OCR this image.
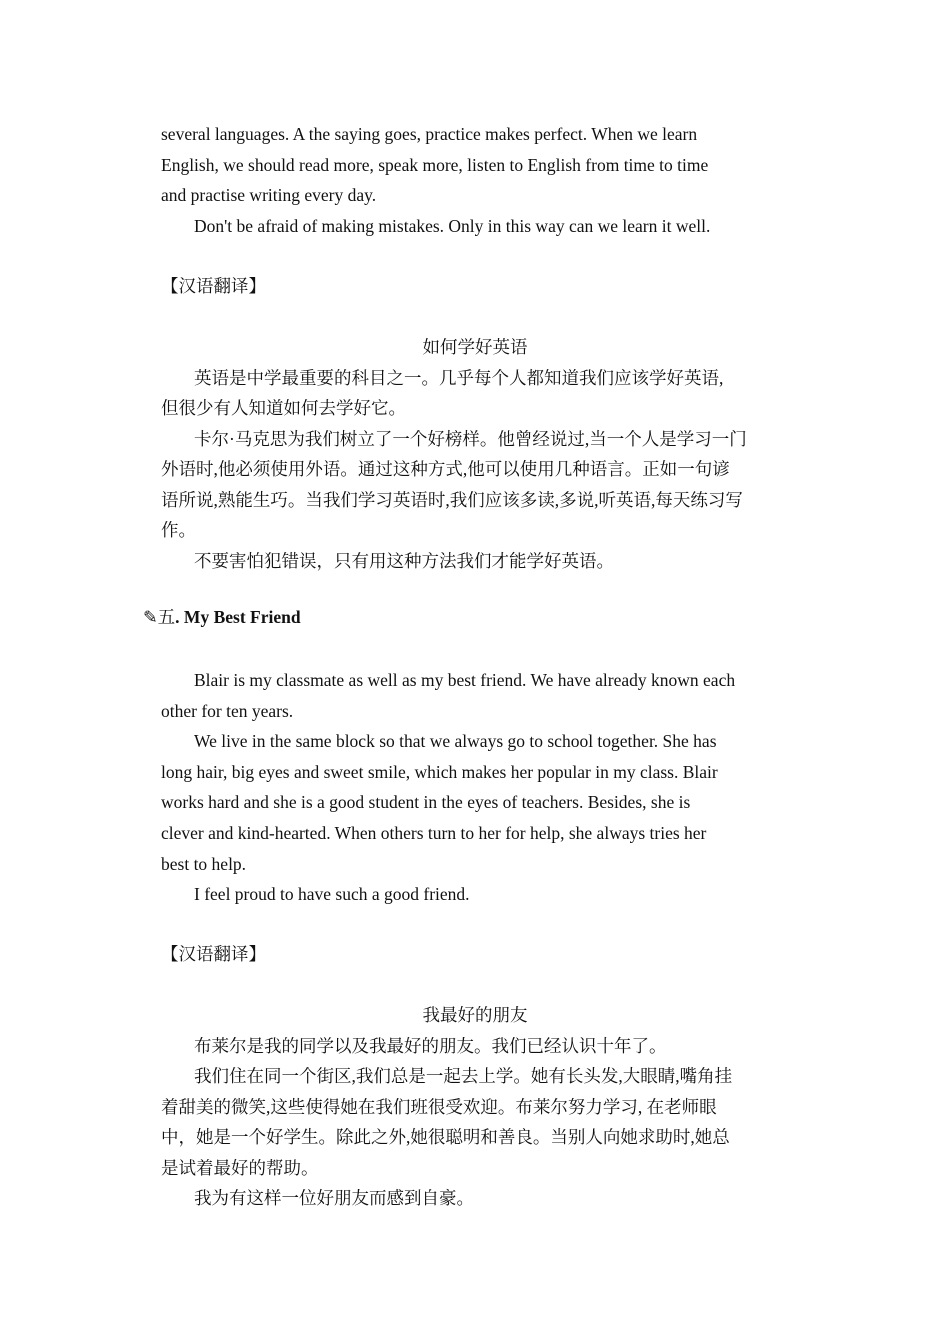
several languages. A the saying goes, practice makes perfect. When we learn
English, we should read more, speak more, listen to English from time to time
and practise writing every day.
Don't be afraid of making mistakes. Only in this way can we learn it well.
【汉语翻译】
如何学好英语
英语是中学最重要的科目之一。几乎每个人都知道我们应该学好英语,
但很少有人知道如何去学好它。
卡尔·马克思为我们树立了一个好榜样。他曾经说过,当一个人是学习一门
外语时,他必须使用外语。通过这种方式,他可以使用几种语言。正如一句谚
语所说,熟能生巧。当我们学习英语时,我们应该多读,多说,听英语,每天练习写
作。
不要害怕犯错误，只有用这种方法我们才能学好英语。
✎五. My Best Friend
Blair is my classmate as well as my best friend. We have already known each
other for ten years.
We live in the same block so that we always go to school together. She has
long hair, big eyes and sweet smile, which makes her popular in my class. Blair
works hard and she is a good student in the eyes of teachers. Besides, she is
clever and kind-hearted. When others turn to her for help, she always tries her
best to help.
I feel proud to have such a good friend.
【汉语翻译】
我最好的朋友
布莱尔是我的同学以及我最好的朋友。我们已经认识十年了。
我们住在同一个街区,我们总是一起去上学。她有长头发,大眼睛,嘴角挂
着甜美的微笑,这些使得她在我们班很受欢迎。布莱尔努力学习, 在老师眼
中，她是一个好学生。除此之外,她很聪明和善良。当别人向她求助时,她总
是试着最好的帮助。
我为有这样一位好朋友而感到自豪。
